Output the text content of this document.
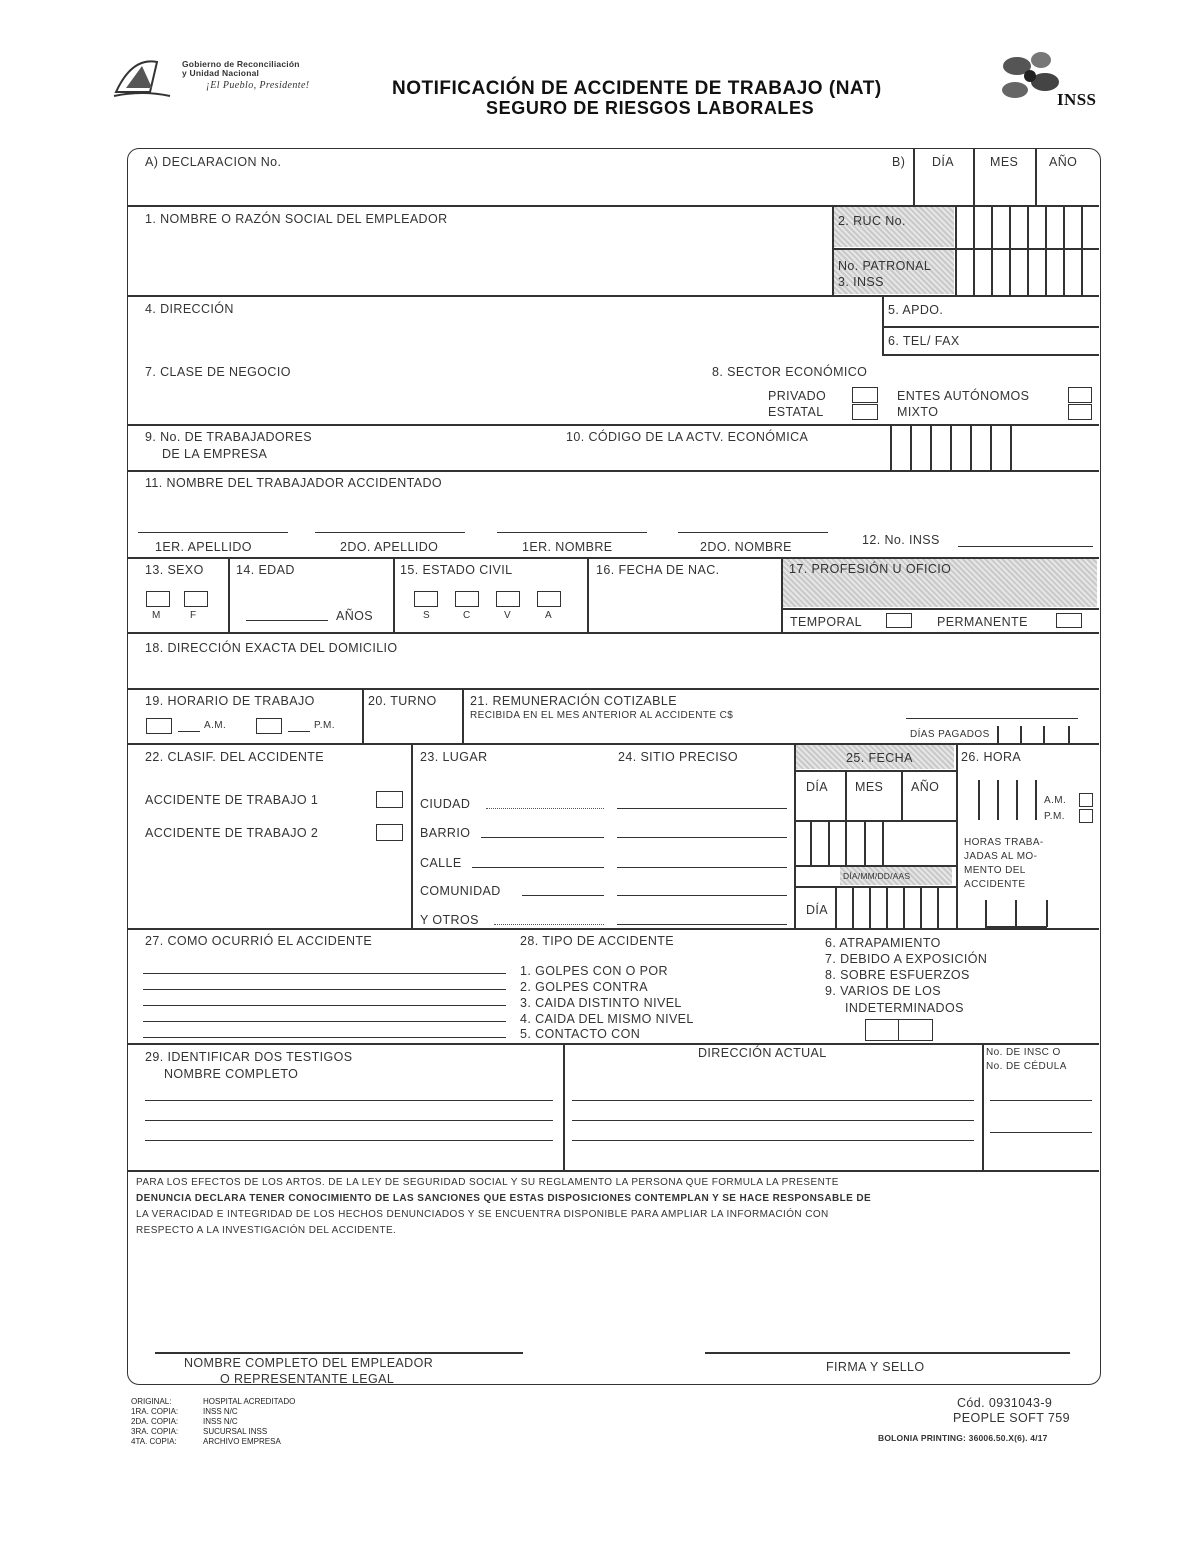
Gobierno de Reconciliación
y Unidad Nacional
¡El Pueblo, Presidente!	NOTIFICACIÓN DE ACCIDENTE DE TRABAJO (NAT)
SEGURO DE RIESGOS LABORALES	INSS
A) DECLARACION No.	B) DÍA	MES AÑO
1. NOMBRE O RAZÓN SOCIAL DEL EMPLEADOR	2. RUC No.
No. PATRONAL
3. INSS
4. DIRECCIÓN	5. APDO.
6. TEL/ FAX
7. CLASE DE NEGOCIO	8. SECTOR ECONÓMICO
PRIVADO
ESTATAL
ENTES AUTÓNOMOS
MIXTO
9. No. DE TRABAJADORES
DE LA EMPRESA
10. CÓDIGO DE LA ACTV. ECONÓMICA
11. NOMBRE DEL TRABAJADOR ACCIDENTADO
1ER. APELLIDO	2DO. APELLIDO	1ER. NOMBRE	2DO. NOMBRE	12. No. INSS
13. SEXO
M	F
14. EDAD
AÑOS
15. ESTADO CIVIL
S	C	V	A
16. FECHA DE NAC.	17. PROFESIÓN U OFICIO
TEMPORAL	PERMANENTE
18. DIRECCIÓN EXACTA DEL DOMICILIO
19. HORARIO DE TRABAJO
A.M.	P.M.
20. TURNO	21. REMUNERACIÓN COTIZABLE
RECIBIDA EN EL MES ANTERIOR AL ACCIDENTE C$
DÍAS PAGADOS
22. CLASIF. DEL ACCIDENTE
ACCIDENTE DE TRABAJO 1
ACCIDENTE DE TRABAJO 2
23. LUGAR
CIUDAD
BARRIO
CALLE
COMUNIDAD
Y OTROS
24. SITIO PRECISO	25. FECHA
DÍA MES AÑO
DÍA/MM/DD/AAS
DÍA
26. HORA
A.M.
P.M.
HORAS TRABA-
JADAS AL MO-
MENTO DEL
ACCIDENTE
27. COMO OCURRIÓ EL ACCIDENTE	28. TIPO DE ACCIDENTE
1. GOLPES CON O POR
2. GOLPES CONTRA
3. CAIDA DISTINTO NIVEL
4. CAIDA DEL MISMO NIVEL
5. CONTACTO CON
6. ATRAPAMIENTO
7. DEBIDO A EXPOSICIÓN
8. SOBRE ESFUERZOS
9. VARIOS DE LOS
INDETERMINADOS
29. IDENTIFICAR DOS TESTIGOS
NOMBRE COMPLETO
DIRECCIÓN ACTUAL	No. DE INSC O
No. DE CÉDULA
PARA LOS EFECTOS DE LOS ARTOS. DE LA LEY DE SEGURIDAD SOCIAL Y SU REGLAMENTO LA PERSONA QUE FORMULA LA PRESENTE
DENUNCIA DECLARA TENER CONOCIMIENTO DE LAS SANCIONES QUE ESTAS DISPOSICIONES CONTEMPLAN Y SE HACE RESPONSABLE DE
LA VERACIDAD E INTEGRIDAD DE LOS HECHOS DENUNCIADOS Y SE ENCUENTRA DISPONIBLE PARA AMPLIAR LA INFORMACIÓN CON
RESPECTO A LA INVESTIGACIÓN DEL ACCIDENTE.
NOMBRE COMPLETO DEL EMPLEADOR
O REPRESENTANTE LEGAL
FIRMA Y SELLO
ORIGINAL:	HOSPITAL ACREDITADO
1RA. COPIA:	INSS N/C
2DA. COPIA:	INSS N/C
3RA. COPIA:	SUCURSAL INSS
4TA. COPIA:	ARCHIVO EMPRESA
Cód. 0931043-9
PEOPLE SOFT 759
BOLONIA PRINTING: 36006.50.X(6). 4/17
